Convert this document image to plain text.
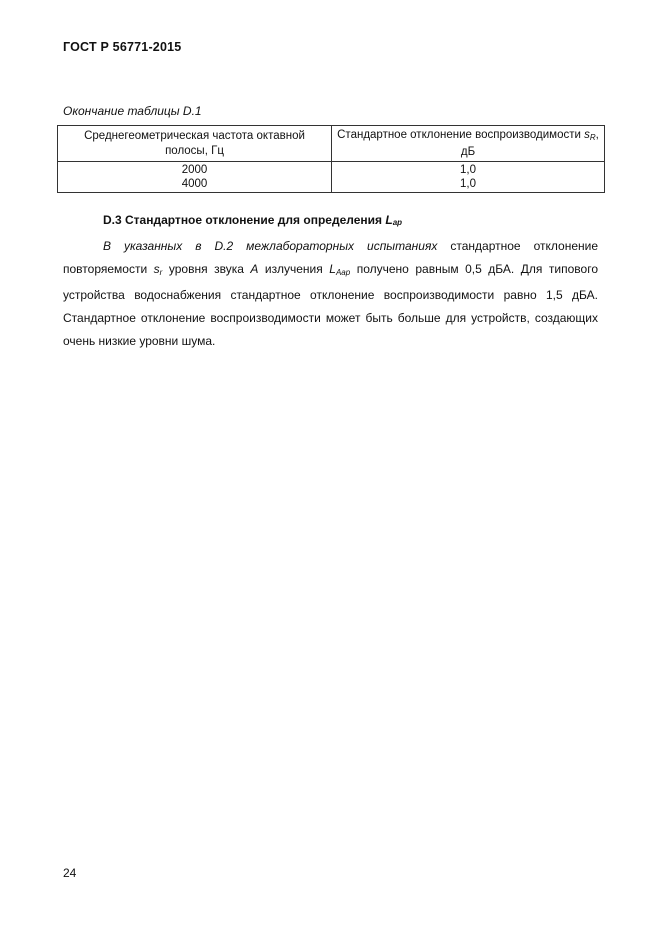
ГОСТ Р 56771-2015
Окончание таблицы D.1
Среднегеометрическая частота октавной полосы, Гц	Стандартное отклонение воспроизводимости $s_R$, дБ
2000	1,0
4000	1,0
D.3 Стандартное отклонение для определения $L_{ap}$

В указанных в D.2 межлабораторных испытаниях стандартное отклонение повторяемости $s_r$ уровня звука A излучения $L_{Aap}$ получено равным 0,5 дБА. Для типового устройства водоснабжения стандартное отклонение воспроизводимости равно 1,5 дБА. Стандартное отклонение воспроизводимости может быть больше для устройств, создающих очень низкие уровни шума.

24
